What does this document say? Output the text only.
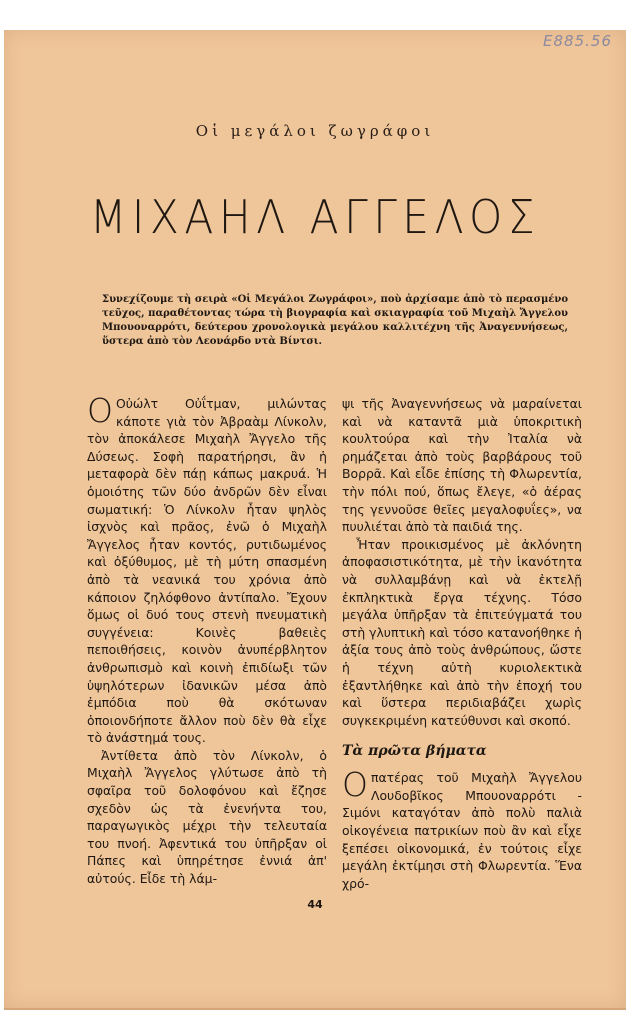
Ε885.56
Οἱ μεγάλοι ζωγράφοι
ΜΙΧΑΗΛ ΑΓΓΕΛΟΣ
Συνεχίζουμε τὴ σειρὰ «Οἱ Μεγάλοι Ζωγράφοι», ποὺ ἀρχίσαμε ἀπὸ τὸ περασμένο τεῦχος, παραθέτοντας τώρα τὴ βιογραφία καὶ σκιαγραφία τοῦ Μιχαὴλ Ἄγγελου Μπουοναρρότι, δεύτερου χρονολογικὰ μεγάλου καλλιτέχνη τῆς Ἀναγεννήσεως, ὕστερα ἀπὸ τὸν Λεονάρδο ντὰ Βίντσι.

Ο Οὐώλτ Οὐΐτμαν, μιλώντας κάποτε γιὰ τὸν Ἀβραὰμ Λίνκολν, τὸν ἀποκάλεσε Μιχαὴλ Ἄγγελο τῆς Δύσεως. Σοφὴ παρατήρησι, ἂν ἡ μεταφορὰ δὲν πάῃ κάπως μακρυά. Ἡ ὁμοιότης τῶν δύο ἀνδρῶν δὲν εἶναι σωματική: Ὁ Λίνκολν ἦταν ψηλὸς ἰσχνὸς καὶ πρᾶος, ἐνῶ ὁ Μιχαὴλ Ἄγγελος ἦταν κοντός, ρυτιδωμένος καὶ ὀξύθυμος, μὲ τὴ μύτη σπασμένη ἀπὸ τὰ νεανικά του χρόνια ἀπὸ κάποιον ζηλόφθονο ἀντίπαλο. Ἔχουν ὅμως οἱ δυό τους στενὴ πνευματικὴ συγγένεια: Κοινὲς βαθειὲς πεποιθήσεις, κοινὸν ἀνυπέρβλητον ἀνθρωπισμὸ καὶ κοινὴ ἐπιδίωξι τῶν ὑψηλότερων ἰδανικῶν μέσα ἀπὸ ἐμπόδια ποὺ θὰ σκότωναν ὁποιονδήποτε ἄλλον ποὺ δὲν θὰ εἶχε τὸ ἀνάστημά τους.

Ἀντίθετα ἀπὸ τὸν Λίνκολν, ὁ Μιχαὴλ Ἄγγελος γλύτωσε ἀπὸ τὴ σφαῖρα τοῦ δολοφόνου καὶ ἔζησε σχεδὸν ὡς τὰ ἐνενήντα του, παραγωγικὸς μέχρι τὴν τελευταία του πνοή. Ἀφεντικά του ὑπῆρξαν οἱ Πάπες καὶ ὑπηρέτησε ἐννιά ἀπ' αὐτούς. Εἶδε τὴ λάμ-

ψι τῆς Ἀναγεννήσεως νὰ μαραίνεται καὶ νὰ καταντᾶ μιὰ ὑποκριτικὴ κουλτούρα καὶ τὴν Ἰταλία νὰ ρημάζεται ἀπὸ τοὺς βαρβάρους τοῦ Βορρᾶ. Καὶ εἶδε ἐπίσης τὴ Φλωρεντία, τὴν πόλι πού, ὅπως ἔλεγε, «ὁ ἀέρας της γεννοῦσε θεῖες μεγαλοφυΐες», να πυυλιέται ἀπὸ τὰ παιδιά της.

Ἦταν προικισμένος μὲ ἀκλόνητη ἀποφασιστικότητα, μὲ τὴν ἱκανότητα νὰ συλλαμβάνῃ καὶ νὰ ἐκτελῇ ἐκπληκτικὰ ἔργα τέχνης. Τόσο μεγάλα ὑπῆρξαν τὰ ἐπιτεύγματά του στὴ γλυπτικὴ καὶ τόσο κατανοήθηκε ἡ ἀξία τους ἀπὸ τοὺς ἀνθρώπους, ὥστε ἡ τέχνη αὐτὴ κυριολεκτικὰ ἐξαντλήθηκε καὶ ἀπὸ τὴν ἐποχή του καὶ ὕστερα περιδιαβάζει χωρὶς συγκεκριμένη κατεύθυνσι καὶ σκοπό.

Τὰ πρῶτα βήματα

Οπατέρας τοῦ Μιχαὴλ Ἄγγελου Λουδοβῖκος Μπουοναρρότι - Σιμόνι καταγόταν ἀπὸ πολὺ παλιὰ οἰκογένεια πατρικίων ποὺ ἂν καὶ εἶχε ξεπέσει οἰκονομικά, ἐν τούτοις εἶχε μεγάλη ἐκτίμησι στὴ Φλωρεντία. Ἕνα χρό-

44
